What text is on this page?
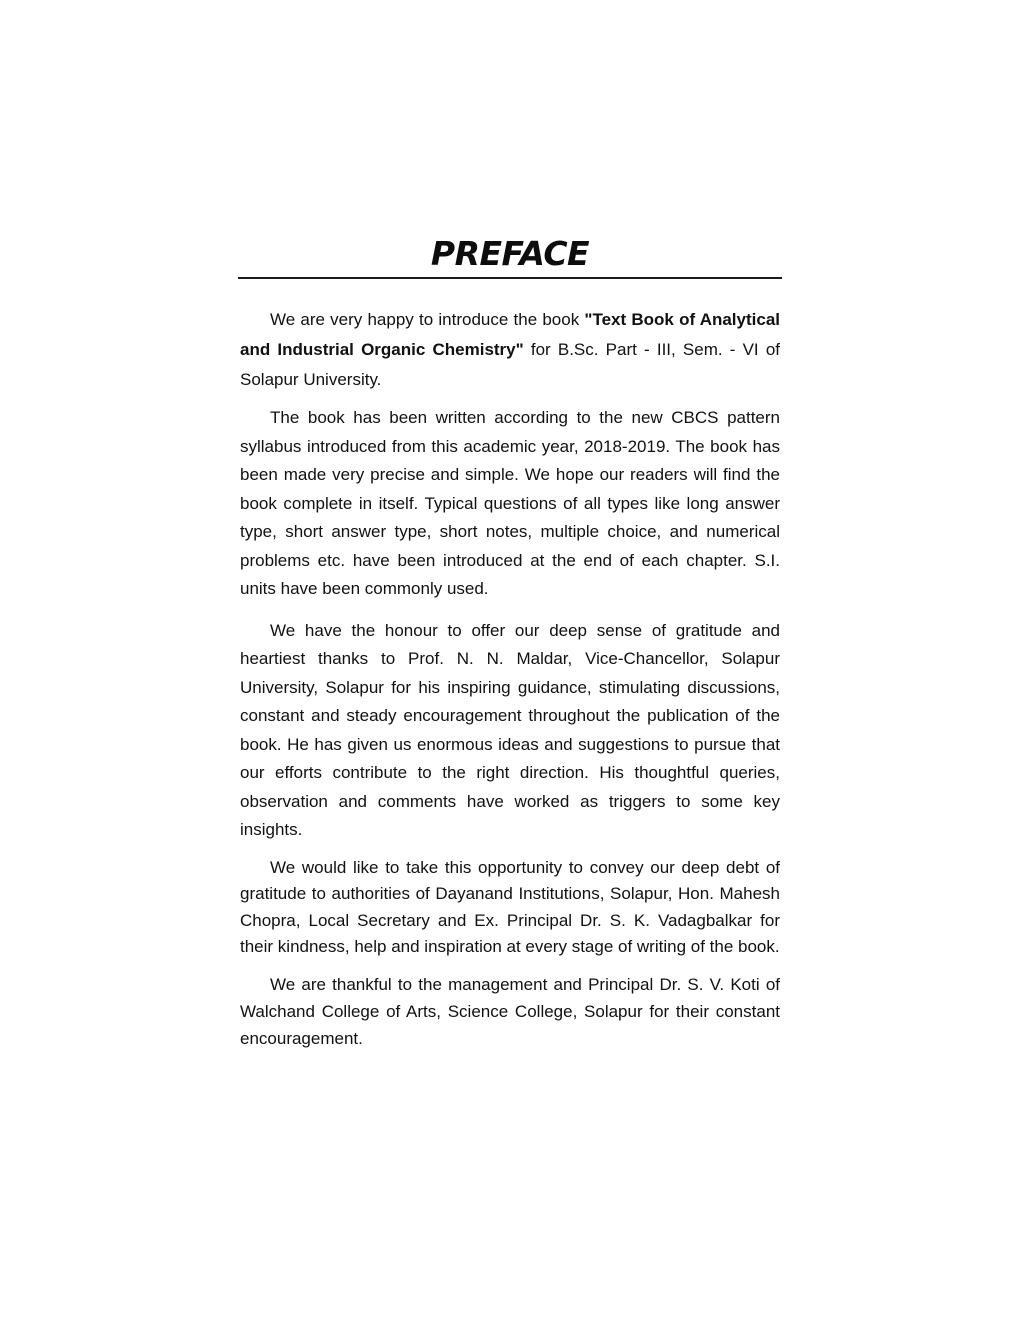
PREFACE

We are very happy to introduce the book "Text Book of Analytical and Industrial Organic Chemistry" for B.Sc. Part - III, Sem. - VI of Solapur University.

The book has been written according to the new CBCS pattern syllabus introduced from this academic year, 2018-2019. The book has been made very precise and simple. We hope our readers will find the book complete in itself. Typical questions of all types like long answer type, short answer type, short notes, multiple choice, and numerical problems etc. have been introduced at the end of each chapter. S.I. units have been commonly used.

We have the honour to offer our deep sense of gratitude and heartiest thanks to Prof. N. N. Maldar, Vice-Chancellor, Solapur University, Solapur for his inspiring guidance, stimulating discussions, constant and steady encouragement throughout the publication of the book. He has given us enormous ideas and suggestions to pursue that our efforts contribute to the right direction. His thoughtful queries, observation and comments have worked as triggers to some key insights.

We would like to take this opportunity to convey our deep debt of gratitude to authorities of Dayanand Institutions, Solapur, Hon. Mahesh Chopra, Local Secretary and Ex. Principal Dr. S. K. Vadagbalkar for their kindness, help and inspiration at every stage of writing of the book.

We are thankful to the management and Principal Dr. S. V. Koti of Walchand College of Arts, Science College, Solapur for their constant encouragement.
